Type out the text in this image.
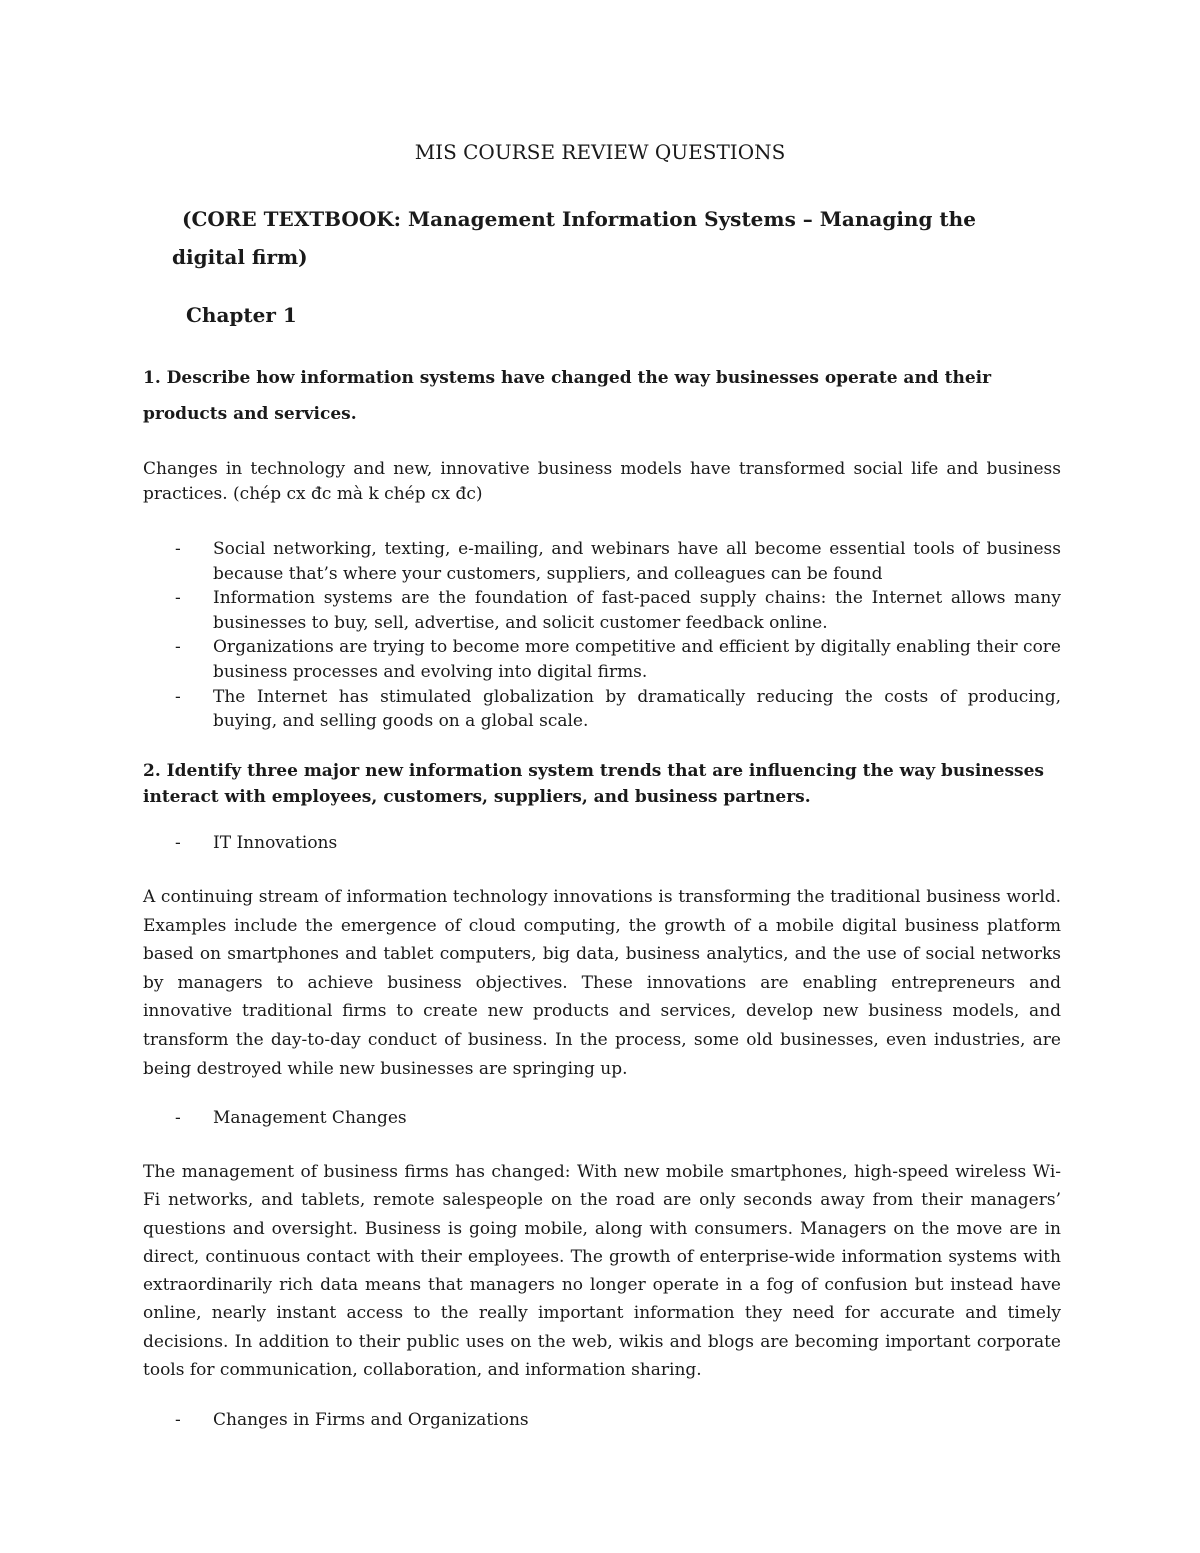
MIS COURSE REVIEW QUESTIONS

(CORE TEXTBOOK: Management Information Systems – Managing the digital firm)

Chapter 1

1. Describe how information systems have changed the way businesses operate and their products and services.

Changes in technology and new, innovative business models have transformed social life and business practices. (chép cx đc mà k chép cx đc)

- Social networking, texting, e-mailing, and webinars have all become essential tools of business because that’s where your customers, suppliers, and colleagues can be found
- Information systems are the foundation of fast-paced supply chains: the Internet allows many businesses to buy, sell, advertise, and solicit customer feedback online.
- Organizations are trying to become more competitive and efficient by digitally enabling their core business processes and evolving into digital firms.
- The Internet has stimulated globalization by dramatically reducing the costs of producing, buying, and selling goods on a global scale.

2. Identify three major new information system trends that are influencing the way businesses interact with employees, customers, suppliers, and business partners.

- IT Innovations

A continuing stream of information technology innovations is transforming the traditional business world. Examples include the emergence of cloud computing, the growth of a mobile digital business platform based on smartphones and tablet computers, big data, business analytics, and the use of social networks by managers to achieve business objectives. These innovations are enabling entrepreneurs and innovative traditional firms to create new products and services, develop new business models, and transform the day-to-day conduct of business. In the process, some old businesses, even industries, are being destroyed while new businesses are springing up.

- Management Changes

The management of business firms has changed: With new mobile smartphones, high-speed wireless Wi-Fi networks, and tablets, remote salespeople on the road are only seconds away from their managers’ questions and oversight. Business is going mobile, along with consumers. Managers on the move are in direct, continuous contact with their employees. The growth of enterprise-wide information systems with extraordinarily rich data means that managers no longer operate in a fog of confusion but instead have online, nearly instant access to the really important information they need for accurate and timely decisions. In addition to their public uses on the web, wikis and blogs are becoming important corporate tools for communication, collaboration, and information sharing.

- Changes in Firms and Organizations
